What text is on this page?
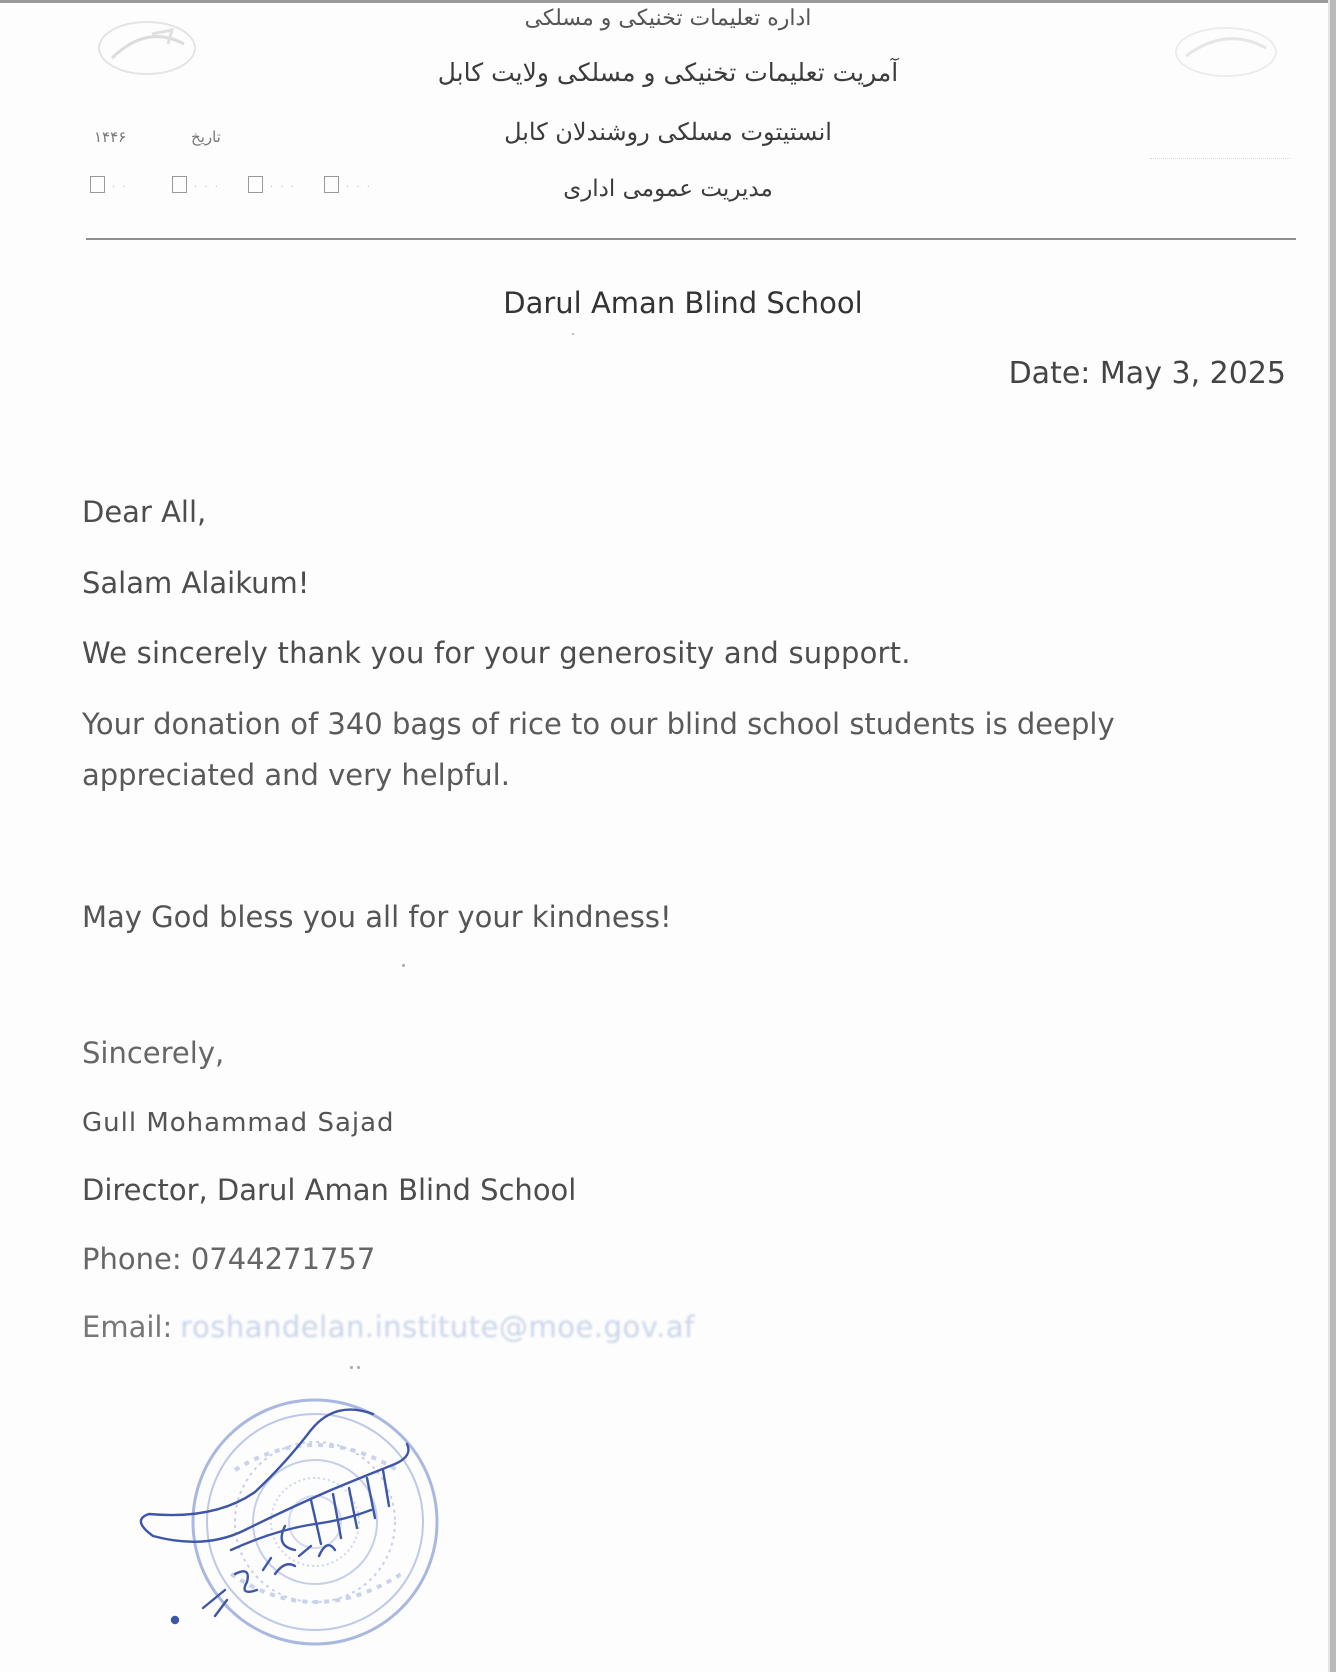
اداره تعلیمات تخنیکی و مسلکی
آمریت تعلیمات تخنیکی و مسلکی ولایت کابل
انستیتوت مسلکی روشندلان کابل
مدیریت عمومی اداری
تاریخ ۱۴۴۶
· ·	· · ·	· · ·	· · ·
Darul Aman Blind School
Date: May 3, 2025
Dear All,
Salam Alaikum!
We sincerely thank you for your generosity and support.
Your donation of 340 bags of rice to our blind school students is deeply
appreciated and very helpful.
May God bless you all for your kindness!
Sincerely,
Gull Mohammad Sajad
Director, Darul Aman Blind School
Phone: 0744271757
Email: roshandelan.institute@moe.gov.af
